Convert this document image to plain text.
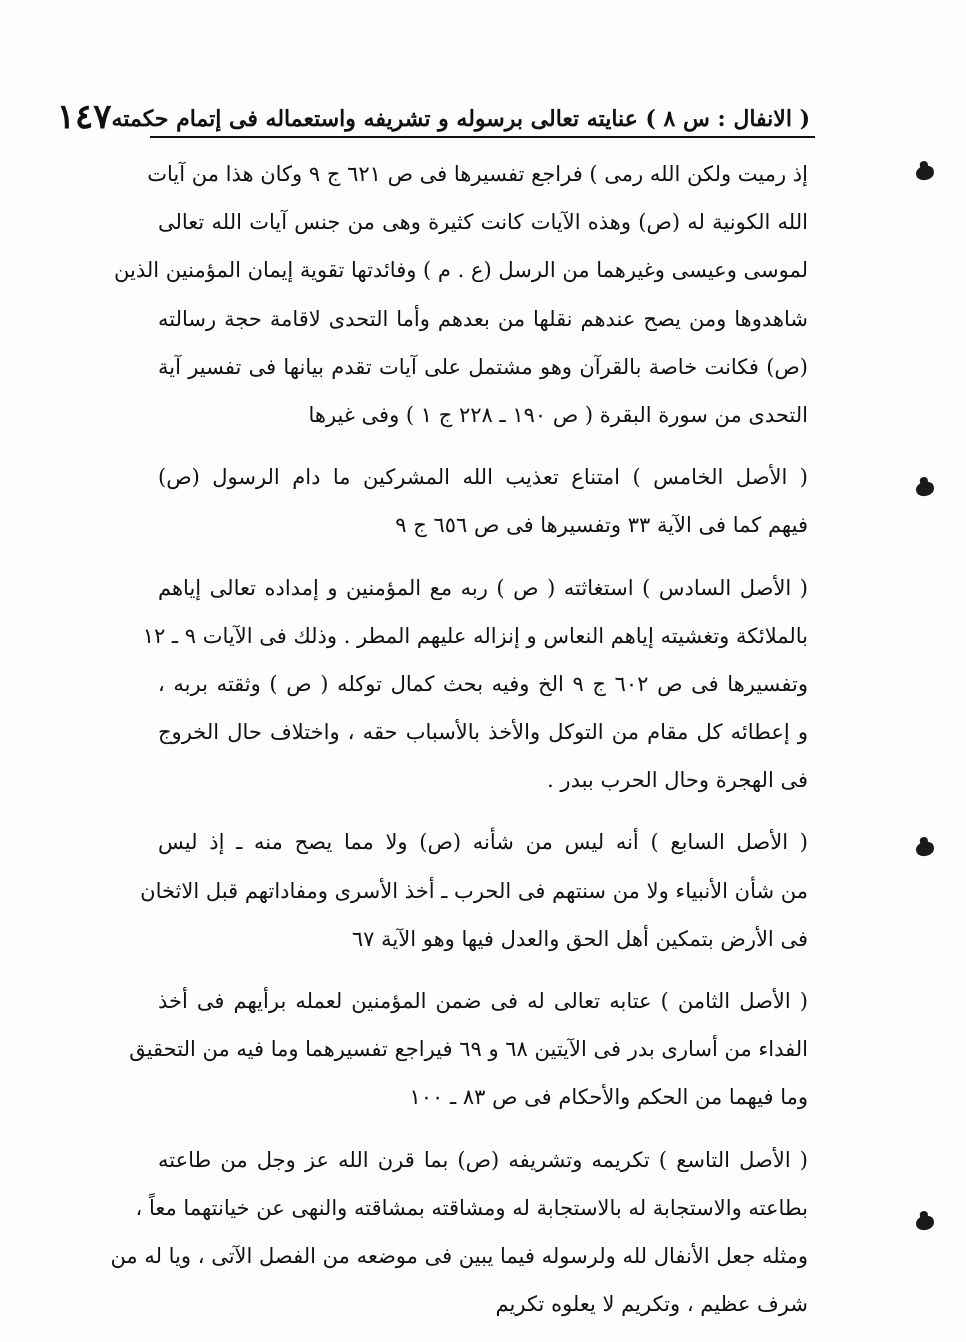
( الانفال : س ٨ ) عنايته تعالى برسوله و تشريفه واستعماله فى إتمام حكمته
١٤٧
إذ رميت ولكن الله رمى ) فراجع تفسيرها فى ص ٦٢١ ج ٩ وكان هذا من آيات
الله الكونية له (ص) وهذه الآيات كانت كثيرة وهى من جنس آيات الله تعالى
لموسى وعيسى وغيرهما من الرسل (ع . م ) وفائدتها تقوية إيمان المؤمنين الذين
شاهدوها ومن يصح عندهم نقلها من بعدهم وأما التحدى لاقامة حجة رسالته
(ص) فكانت خاصة بالقرآن وهو مشتمل على آيات تقدم بيانها فى تفسير آية
التحدى من سورة البقرة ( ص ١٩٠ ـ ٢٢٨ ج ١ ) وفى غيرها
( الأصل الخامس ) امتناع تعذيب الله المشركين ما دام الرسول (ص)
فيهم كما فى الآية ٣٣ وتفسيرها فى ص ٦٥٦ ج ٩
( الأصل السادس ) استغاثته ( ص ) ربه مع المؤمنين و إمداده تعالى إياهم
بالملائكة وتغشيته إياهم النعاس و إنزاله عليهم المطر . وذلك فى الآيات ٩ ـ ١٢
وتفسيرها فى ص ٦٠٢ ج ٩ الخ وفيه بحث كمال توكله ( ص ) وثقته بربه ،
و إعطائه كل مقام من التوكل والأخذ بالأسباب حقه ، واختلاف حال الخروج
فى الهجرة وحال الحرب ببدر .
( الأصل السابع ) أنه ليس من شأنه (ص) ولا مما يصح منه ـ إذ ليس
من شأن الأنبياء ولا من سنتهم فى الحرب ـ أخذ الأسرى ومفاداتهم قبل الاثخان
فى الأرض بتمكين أهل الحق والعدل فيها وهو الآية ٦٧
( الأصل الثامن ) عتابه تعالى له فى ضمن المؤمنين لعمله برأيهم فى أخذ
الفداء من أسارى بدر فى الآيتين ٦٨ و ٦٩ فيراجع تفسيرهما وما فيه من التحقيق
وما فيهما من الحكم والأحكام فى ص ٨٣ ـ ١٠٠
( الأصل التاسع ) تكريمه وتشريفه (ص) بما قرن الله عز وجل من طاعته
بطاعته والاستجابة له بالاستجابة له ومشاقته بمشاقته والنهى عن خيانتهما معاً ،
ومثله جعل الأنفال لله ولرسوله فيما يبين فى موضعه من الفصل الآتى ، ويا له من
شرف عظيم ، وتكريم لا يعلوه تكريم
